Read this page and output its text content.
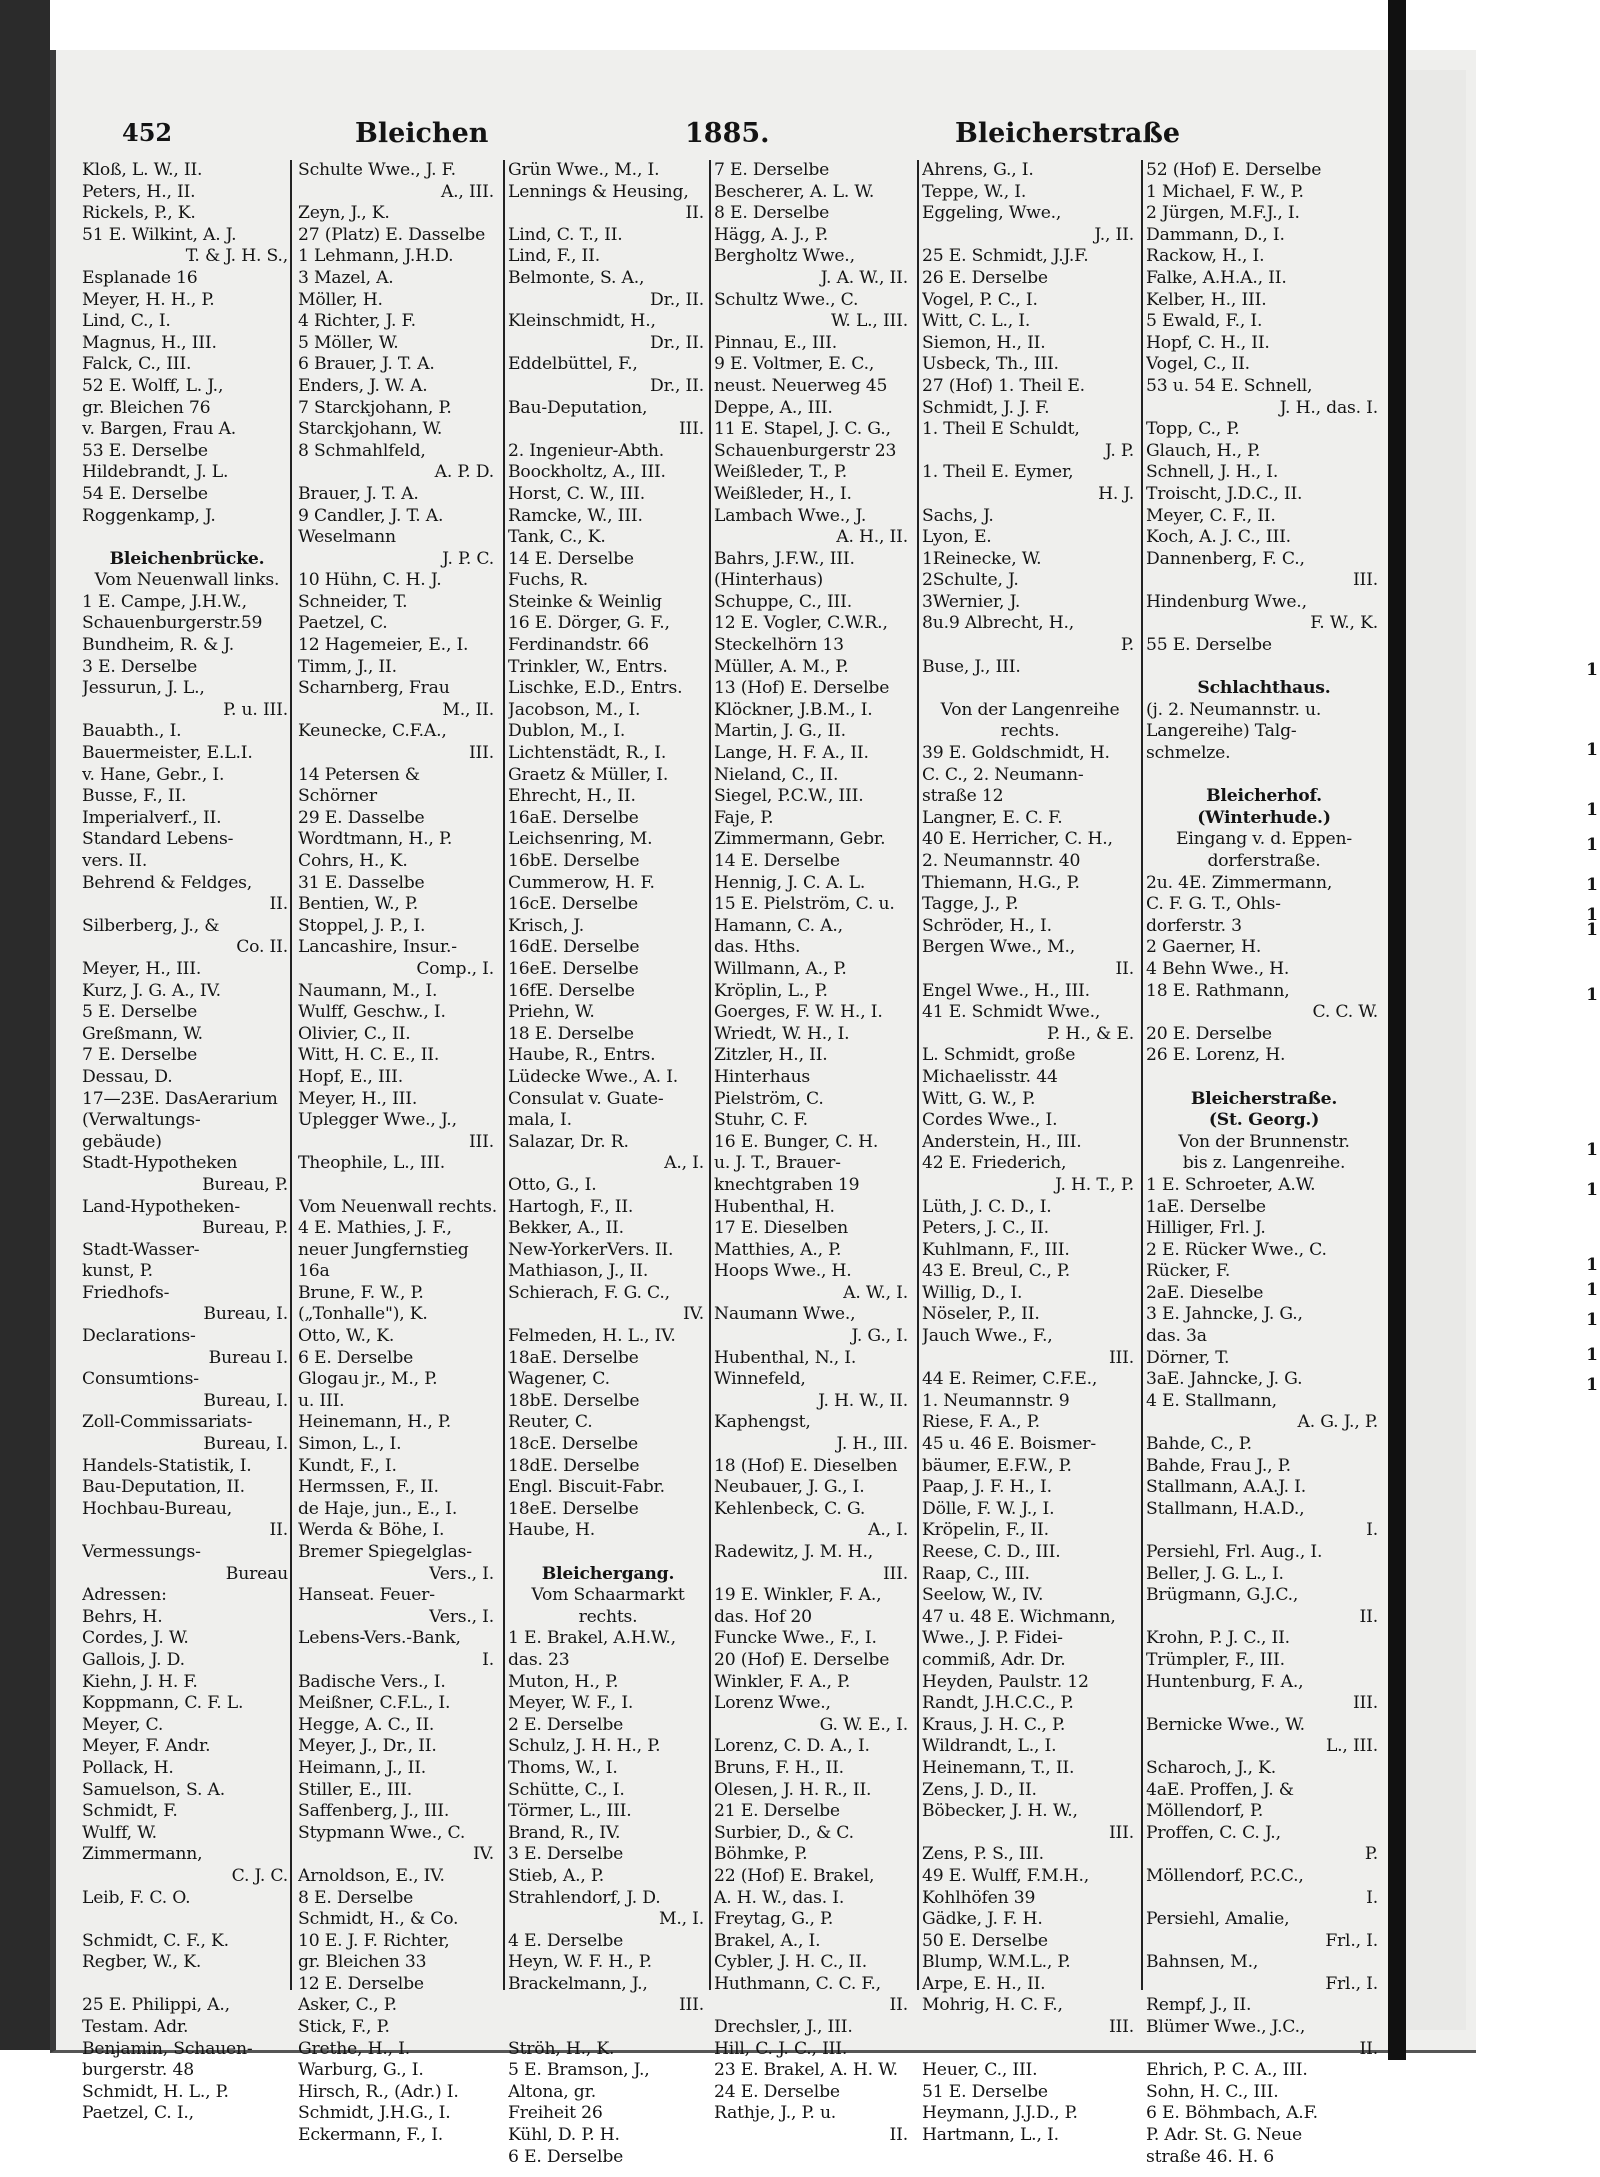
452	Bleichen	1885.	Bleicherstraße
Kloß, L. W., II.
Peters, H., II.
Rickels, P., K.
51 E. Wilkint, A. J.
T. & J. H. S.,
Esplanade 16
Meyer, H. H., P.
Lind, C., I.
Magnus, H., III.
Falck, C., III.
52 E. Wolff, L. J.,
gr. Bleichen 76
v. Bargen, Frau A.
53 E. Derselbe
Hildebrandt, J. L.
54 E. Derselbe
Roggenkamp, J.
Bleichenbrücke.
Vom Neuenwall links.
1 E. Campe, J.H.W.,
Schauenburgerstr.59
Bundheim, R. & J.
3 E. Derselbe
Jessurun, J. L.,
P. u. III.
Bauabth., I.
Bauermeister, E.L.I.
v. Hane, Gebr., I.
Busse, F., II.
Imperialverf., II.
Standard Lebens-
vers. II.
Behrend & Feldges,
II.
Silberberg, J., &
Co. II.
Meyer, H., III.
Kurz, J. G. A., IV.
5 E. Derselbe
Greßmann, W.
7 E. Derselbe
Dessau, D.
17—23E. DasAerarium
(Verwaltungs-
gebäude)
Stadt-Hypotheken
Bureau, P.
Land-Hypotheken-
Bureau, P.
Stadt-Wasser-
kunst, P.
Friedhofs-
Bureau, I.
Declarations-
Bureau I.
Consumtions-
Bureau, I.
Zoll-Commissariats-
Bureau, I.
Handels-Statistik, I.
Bau-Deputation, II.
Hochbau-Bureau,
II.
Vermessungs-
Bureau
Adressen:
Behrs, H.
Cordes, J. W.
Gallois, J. D.
Kiehn, J. H. F.
Koppmann, C. F. L.
Meyer, C.
Meyer, F. Andr.
Pollack, H.
Samuelson, S. A.
Schmidt, F.
Wulff, W.
Zimmermann,
C. J. C.
Leib, F. C. O.
Schmidt, C. F., K.
Regber, W., K.
25 E. Philippi, A.,
Testam. Adr.
Benjamin, Schauen-
burgerstr. 48
Schmidt, H. L., P.
Paetzel, C. I.,
Schulte Wwe., J. F.
A., III.
Zeyn, J., K.
27 (Platz) E. Dasselbe
1 Lehmann, J.H.D.
3 Mazel, A.
Möller, H.
4 Richter, J. F.
5 Möller, W.
6 Brauer, J. T. A.
Enders, J. W. A.
7 Starckjohann, P.
Starckjohann, W.
8 Schmahlfeld,
A. P. D.
Brauer, J. T. A.
9 Candler, J. T. A.
Weselmann
J. P. C.
10 Hühn, C. H. J.
Schneider, T.
Paetzel, C.
12 Hagemeier, E., I.
Timm, J., II.
Scharnberg, Frau
M., II.
Keunecke, C.F.A.,
III.
14 Petersen &
Schörner
29 E. Dasselbe
Wordtmann, H., P.
Cohrs, H., K.
31 E. Dasselbe
Bentien, W., P.
Stoppel, J. P., I.
Lancashire, Insur.-
Comp., I.
Naumann, M., I.
Wulff, Geschw., I.
Olivier, C., II.
Witt, H. C. E., II.
Hopf, E., III.
Meyer, H., III.
Uplegger Wwe., J.,
III.
Theophile, L., III.
Vom Neuenwall rechts.
4 E. Mathies, J. F.,
neuer Jungfernstieg
16a
Brune, F. W., P.
(„Tonhalle"), K.
Otto, W., K.
6 E. Derselbe
Glogau jr., M., P.
u. III.
Heinemann, H., P.
Simon, L., I.
Kundt, F., I.
Hermssen, F., II.
de Haje, jun., E., I.
Werda & Böhe, I.
Bremer Spiegelglas-
Vers., I.
Hanseat. Feuer-
Vers., I.
Lebens-Vers.-Bank,
I.
Badische Vers., I.
Meißner, C.F.L., I.
Hegge, A. C., II.
Meyer, J., Dr., II.
Heimann, J., II.
Stiller, E., III.
Saffenberg, J., III.
Stypmann Wwe., C.
IV.
Arnoldson, E., IV.
8 E. Derselbe
Schmidt, H., & Co.
10 E. J. F. Richter,
gr. Bleichen 33
12 E. Derselbe
Asker, C., P.
Stick, F., P.
Grethe, H., I.
Warburg, G., I.
Hirsch, R., (Adr.) I.
Schmidt, J.H.G., I.
Eckermann, F., I.
Grün Wwe., M., I.
Lennings & Heusing,
II.
Lind, C. T., II.
Lind, F., II.
Belmonte, S. A.,
Dr., II.
Kleinschmidt, H.,
Dr., II.
Eddelbüttel, F.,
Dr., II.
Bau-Deputation,
III.
2. Ingenieur-Abth.
Boockholtz, A., III.
Horst, C. W., III.
Ramcke, W., III.
Tank, C., K.
14 E. Derselbe
Fuchs, R.
Steinke & Weinlig
16 E. Dörger, G. F.,
Ferdinandstr. 66
Trinkler, W., Entrs.
Lischke, E.D., Entrs.
Jacobson, M., I.
Dublon, M., I.
Lichtenstädt, R., I.
Graetz & Müller, I.
Ehrecht, H., II.
16aE. Derselbe
Leichsenring, M.
16bE. Derselbe
Cummerow, H. F.
16cE. Derselbe
Krisch, J.
16dE. Derselbe
16eE. Derselbe
16fE. Derselbe
Priehn, W.
18 E. Derselbe
Haube, R., Entrs.
Lüdecke Wwe., A. I.
Consulat v. Guate-
mala, I.
Salazar, Dr. R.
A., I.
Otto, G., I.
Hartogh, F., II.
Bekker, A., II.
New-YorkerVers. II.
Mathiason, J., II.
Schierach, F. G. C.,
IV.
Felmeden, H. L., IV.
18aE. Derselbe
Wagener, C.
18bE. Derselbe
Reuter, C.
18cE. Derselbe
18dE. Derselbe
Engl. Biscuit-Fabr.
18eE. Derselbe
Haube, H.
Bleichergang.
Vom Schaarmarkt
rechts.
1 E. Brakel, A.H.W.,
das. 23
Muton, H., P.
Meyer, W. F., I.
2 E. Derselbe
Schulz, J. H. H., P.
Thoms, W., I.
Schütte, C., I.
Törmer, L., III.
Brand, R., IV.
3 E. Derselbe
Stieb, A., P.
Strahlendorf, J. D.
M., I.
4 E. Derselbe
Heyn, W. F. H., P.
Brackelmann, J.,
III.
Ströh, H., K.
5 E. Bramson, J.,
Altona, gr.
Freiheit 26
Kühl, D. P. H.
6 E. Derselbe
7 E. Derselbe
Bescherer, A. L. W.
8 E. Derselbe
Hägg, A. J., P.
Bergholtz Wwe.,
J. A. W., II.
Schultz Wwe., C.
W. L., III.
Pinnau, E., III.
9 E. Voltmer, E. C.,
neust. Neuerweg 45
Deppe, A., III.
11 E. Stapel, J. C. G.,
Schauenburgerstr 23
Weißleder, T., P.
Weißleder, H., I.
Lambach Wwe., J.
A. H., II.
Bahrs, J.F.W., III.
(Hinterhaus)
Schuppe, C., III.
12 E. Vogler, C.W.R.,
Steckelhörn 13
Müller, A. M., P.
13 (Hof) E. Derselbe
Klöckner, J.B.M., I.
Martin, J. G., II.
Lange, H. F. A., II.
Nieland, C., II.
Siegel, P.C.W., III.
Faje, P.
Zimmermann, Gebr.
14 E. Derselbe
Hennig, J. C. A. L.
15 E. Pielström, C. u.
Hamann, C. A.,
das. Hths.
Willmann, A., P.
Kröplin, L., P.
Goerges, F. W. H., I.
Wriedt, W. H., I.
Zitzler, H., II.
Hinterhaus
Pielström, C.
Stuhr, C. F.
16 E. Bunger, C. H.
u. J. T., Brauer-
knechtgraben 19
Hubenthal, H.
17 E. Dieselben
Matthies, A., P.
Hoops Wwe., H.
A. W., I.
Naumann Wwe.,
J. G., I.
Hubenthal, N., I.
Winnefeld,
J. H. W., II.
Kaphengst,
J. H., III.
18 (Hof) E. Dieselben
Neubauer, J. G., I.
Kehlenbeck, C. G.
A., I.
Radewitz, J. M. H.,
III.
19 E. Winkler, F. A.,
das. Hof 20
Funcke Wwe., F., I.
20 (Hof) E. Derselbe
Winkler, F. A., P.
Lorenz Wwe.,
G. W. E., I.
Lorenz, C. D. A., I.
Bruns, F. H., II.
Olesen, J. H. R., II.
21 E. Derselbe
Surbier, D., & C.
Böhmke, P.
22 (Hof) E. Brakel,
A. H. W., das. I.
Freytag, G., P.
Brakel, A., I.
Cybler, J. H. C., II.
Huthmann, C. C. F.,
II.
Drechsler, J., III.
Hill, C. J. C., III.
23 E. Brakel, A. H. W.
24 E. Derselbe
Rathje, J., P. u.
II.
Ahrens, G., I.
Teppe, W., I.
Eggeling, Wwe.,
J., II.
25 E. Schmidt, J.J.F.
26 E. Derselbe
Vogel, P. C., I.
Witt, C. L., I.
Siemon, H., II.
Usbeck, Th., III.
27 (Hof) 1. Theil E.
Schmidt, J. J. F.
1. Theil E Schuldt,
J. P.
1. Theil E. Eymer,
H. J.
Sachs, J.
Lyon, E.
1Reinecke, W.
2Schulte, J.
3Wernier, J.
8u.9 Albrecht, H.,
P.
Buse, J., III.
Von der Langenreihe
rechts.
39 E. Goldschmidt, H.
C. C., 2. Neumann-
straße 12
Langner, E. C. F.
40 E. Herricher, C. H.,
2. Neumannstr. 40
Thiemann, H.G., P.
Tagge, J., P.
Schröder, H., I.
Bergen Wwe., M.,
II.
Engel Wwe., H., III.
41 E. Schmidt Wwe.,
P. H., & E.
L. Schmidt, große
Michaelisstr. 44
Witt, G. W., P.
Cordes Wwe., I.
Anderstein, H., III.
42 E. Friederich,
J. H. T., P.
Lüth, J. C. D., I.
Peters, J. C., II.
Kuhlmann, F., III.
43 E. Breul, C., P.
Willig, D., I.
Nöseler, P., II.
Jauch Wwe., F.,
III.
44 E. Reimer, C.F.E.,
1. Neumannstr. 9
Riese, F. A., P.
45 u. 46 E. Boismer-
bäumer, E.F.W., P.
Paap, J. F. H., I.
Dölle, F. W. J., I.
Kröpelin, F., II.
Reese, C. D., III.
Raap, C., III.
Seelow, W., IV.
47 u. 48 E. Wichmann,
Wwe., J. P. Fidei-
commiß, Adr. Dr.
Heyden, Paulstr. 12
Randt, J.H.C.C., P.
Kraus, J. H. C., P.
Wildrandt, L., I.
Heinemann, T., II.
Zens, J. D., II.
Böbecker, J. H. W.,
III.
Zens, P. S., III.
49 E. Wulff, F.M.H.,
Kohlhöfen 39
Gädke, J. F. H.
50 E. Derselbe
Blump, W.M.L., P.
Arpe, E. H., II.
Mohrig, H. C. F.,
III.
Heuer, C., III.
51 E. Derselbe
Heymann, J.J.D., P.
Hartmann, L., I.
52 (Hof) E. Derselbe
1 Michael, F. W., P.
2 Jürgen, M.F.J., I.
Dammann, D., I.
Rackow, H., I.
Falke, A.H.A., II.
Kelber, H., III.
5 Ewald, F., I.
Hopf, C. H., II.
Vogel, C., II.
53 u. 54 E. Schnell,
J. H., das. I.
Topp, C., P.
Glauch, H., P.
Schnell, J. H., I.
Troischt, J.D.C., II.
Meyer, C. F., II.
Koch, A. J. C., III.
Dannenberg, F. C.,
III.
Hindenburg Wwe.,
F. W., K.
55 E. Derselbe
Schlachthaus.
(j. 2. Neumannstr. u.
Langereihe) Talg-
schmelze.
Bleicherhof.
(Winterhude.)
Eingang v. d. Eppen-
dorferstraße.
2u. 4E. Zimmermann,
C. F. G. T., Ohls-
dorferstr. 3
2 Gaerner, H.
4 Behn Wwe., H.
18 E. Rathmann,
C. C. W.
20 E. Derselbe
26 E. Lorenz, H.
Bleicherstraße.
(St. Georg.)
Von der Brunnenstr.
bis z. Langenreihe.
1 E. Schroeter, A.W.
1aE. Derselbe
Hilliger, Frl. J.
2 E. Rücker Wwe., C.
Rücker, F.
2aE. Dieselbe
3 E. Jahncke, J. G.,
das. 3a
Dörner, T.
3aE. Jahncke, J. G.
4 E. Stallmann,
A. G. J., P.
Bahde, C., P.
Bahde, Frau J., P.
Stallmann, A.A.J. I.
Stallmann, H.A.D.,
I.
Persiehl, Frl. Aug., I.
Beller, J. G. L., I.
Brügmann, G.J.C.,
II.
Krohn, P. J. C., II.
Trümpler, F., III.
Huntenburg, F. A.,
III.
Bernicke Wwe., W.
L., III.
Scharoch, J., K.
4aE. Proffen, J. &
Möllendorf, P.
Proffen, C. C. J.,
P.
Möllendorf, P.C.C.,
I.
Persiehl, Amalie,
Frl., I.
Bahnsen, M.,
Frl., I.
Rempf, J., II.
Blümer Wwe., J.C.,
II.
Ehrich, P. C. A., III.
Sohn, H. C., III.
6 E. Böhmbach, A.F.
P. Adr. St. G. Neue
straße 46. H. 6
1
1
1
1
1
1
1
1
1
1
1
1
1
1
1
